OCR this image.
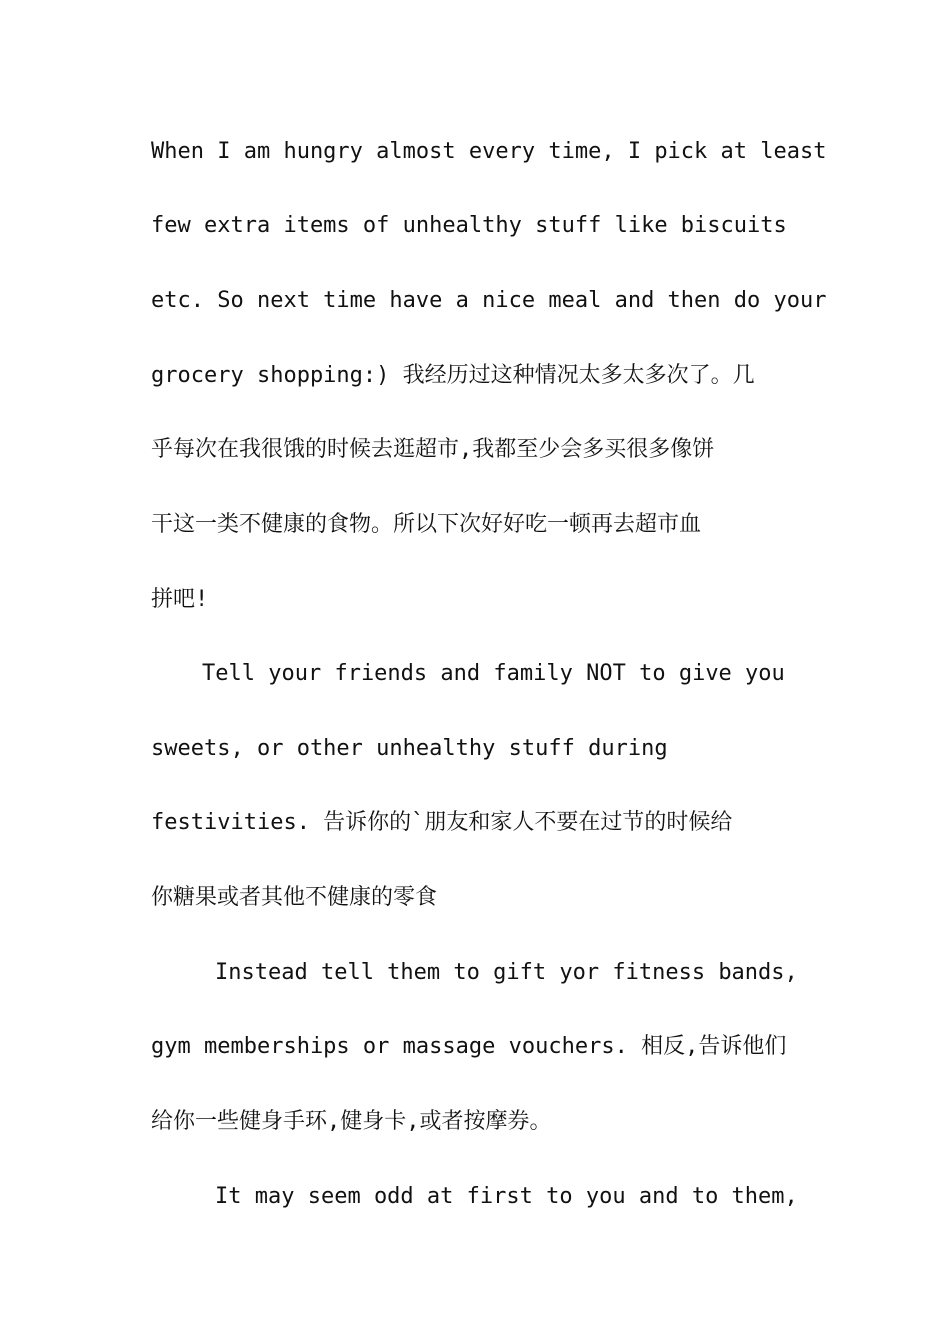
When I am hungry almost every time, I pick at least
few extra items of unhealthy stuff like biscuits
etc. So next time have a nice meal and then do your
grocery shopping:) 我经历过这种情况太多太多次了。几
乎每次在我很饿的时候去逛超市,我都至少会多买很多像饼
干这一类不健康的食物。所以下次好好吃一顿再去超市血
拼吧!
Tell your friends and family NOT to give you
sweets, or other unhealthy stuff during
festivities. 告诉你的`朋友和家人不要在过节的时候给
你糖果或者其他不健康的零食
Instead tell them to gift yor fitness bands,
gym memberships or massage vouchers. 相反,告诉他们
给你一些健身手环,健身卡,或者按摩券。
It may seem odd at first to you and to them,
